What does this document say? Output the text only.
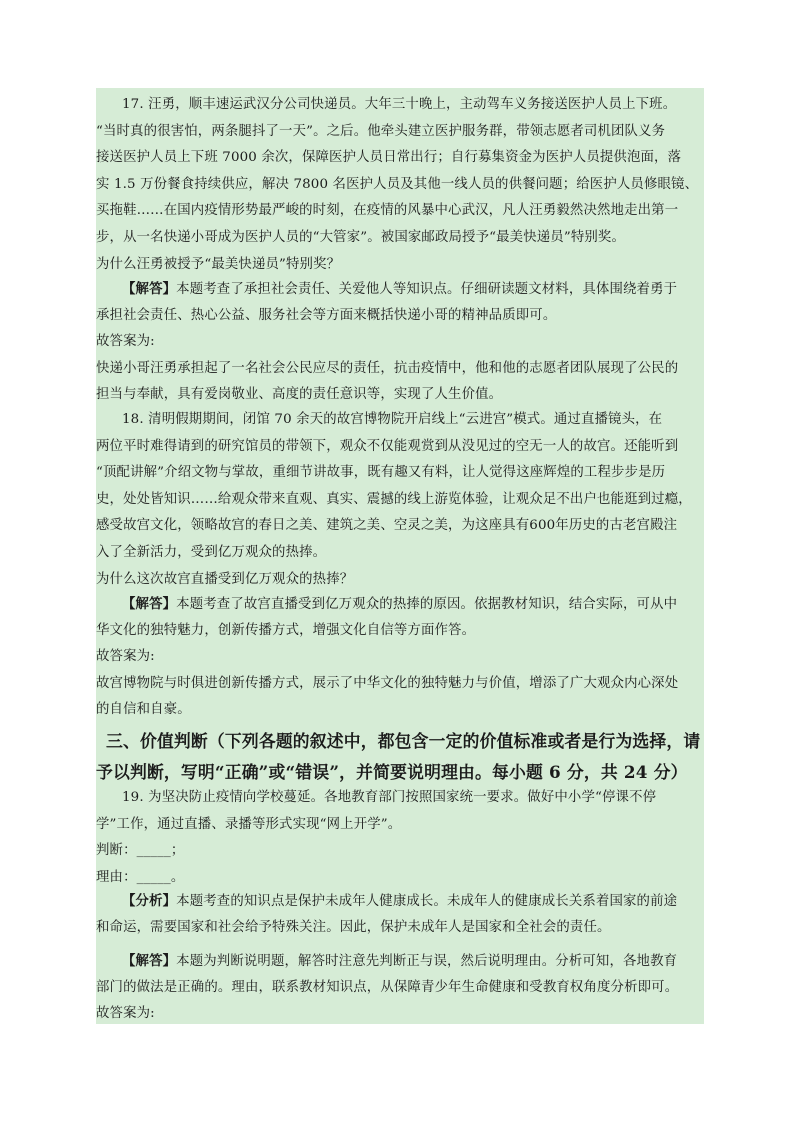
17. 汪勇，顺丰速运武汉分公司快递员。大年三十晚上，主动驾车义务接送医护人员上下班。
“当时真的很害怕，两条腿抖了一天”。之后。他牵头建立医护服务群，带领志愿者司机团队义务
接送医护人员上下班 7000 余次，保障医护人员日常出行；自行募集资金为医护人员提供泡面，落
实 1.5 万份餐食持续供应，解决 7800 名医护人员及其他一线人员的供餐问题；给医护人员修眼镜、
买拖鞋……在国内疫情形势最严峻的时刻，在疫情的风暴中心武汉，凡人汪勇毅然决然地走出第一
步，从一名快递小哥成为医护人员的“大管家”。被国家邮政局授予“最美快递员”特别奖。
为什么汪勇被授予“最美快递员”特别奖？
【解答】本题考查了承担社会责任、关爱他人等知识点。仔细研读题文材料，具体围绕着勇于
承担社会责任、热心公益、服务社会等方面来概括快递小哥的精神品质即可。
故答案为:
快递小哥汪勇承担起了一名社会公民应尽的责任，抗击疫情中，他和他的志愿者团队展现了公民的
担当与奉献，具有爱岗敬业、高度的责任意识等，实现了人生价值。
18. 清明假期期间，闭馆 70 余天的故宫博物院开启线上“云进宫”模式。通过直播镜头，在
两位平时难得请到的研究馆员的带领下，观众不仅能观赏到从没见过的空无一人的故宫。还能听到
“顶配讲解”介绍文物与掌故，重细节讲故事，既有趣又有料，让人觉得这座辉煌的工程步步是历
史，处处皆知识……给观众带来直观、真实、震撼的线上游览体验，让观众足不出户也能逛到过瘾，
感受故宫文化，领略故宫的春日之美、建筑之美、空灵之美，为这座具有600年历史的古老宫殿注
入了全新活力，受到亿万观众的热捧。
为什么这次故宫直播受到亿万观众的热捧？
【解答】本题考查了故宫直播受到亿万观众的热捧的原因。依据教材知识，结合实际，可从中
华文化的独特魅力，创新传播方式，增强文化自信等方面作答。
故答案为:
故宫博物院与时俱进创新传播方式，展示了中华文化的独特魅力与价值，增添了广大观众内心深处
的自信和自豪。
三、价值判断（下列各题的叙述中，都包含一定的价值标准或者是行为选择，请
予以判断，写明“正确”或“错误”，并简要说明理由。每小题 6 分，共 24 分）
19. 为坚决防止疫情向学校蔓延。各地教育部门按照国家统一要求。做好中小学“停课不停
学”工作，通过直播、录播等形式实现“网上开学”。
判断：_____；
理由：_____。
【分析】本题考查的知识点是保护未成年人健康成长。未成年人的健康成长关系着国家的前途
和命运，需要国家和社会给予特殊关注。因此，保护未成年人是国家和全社会的责任。
【解答】本题为判断说明题，解答时注意先判断正与误，然后说明理由。分析可知，各地教育
部门的做法是正确的。理由，联系教材知识点，从保障青少年生命健康和受教育权角度分析即可。
故答案为:
